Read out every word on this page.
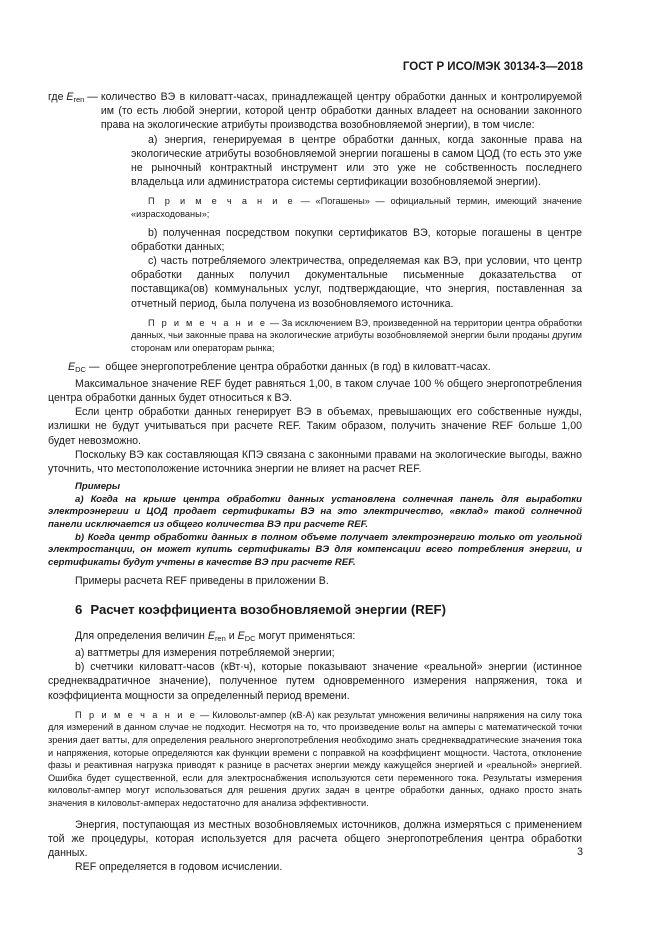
ГОСТ Р ИСО/МЭК 30134-3—2018
где Eren — количество ВЭ в киловатт-часах, принадлежащей центру обработки данных и контролируемой им (то есть любой энергии, которой центр обработки данных владеет на основании законного права на экологические атрибуты производства возобновляемой энергии), в том числе:

а) энергия, генерируемая в центре обработки данных, когда законные права на экологические атрибуты возобновляемой энергии погашены в самом ЦОД (то есть это уже не рыночный контрактный инструмент или это уже не собственность последнего владельца или администратора системы сертификации возобновляемой энергии).

П р и м е ч а н и е — «Погашены» — официальный термин, имеющий значение «израсходованы»;

b) полученная посредством покупки сертификатов ВЭ, которые погашены в центре обработки данных;

с) часть потребляемого электричества, определяемая как ВЭ, при условии, что центр обработки данных получил документальные письменные доказательства от поставщика(ов) коммунальных услуг, подтверждающие, что энергия, поставленная за отчетный период, была получена из возобновляемого источника.

П р и м е ч а н и е — За исключением ВЭ, произведенной на территории центра обработки данных, чьи законные права на экологические атрибуты возобновляемой энергии были проданы другим сторонам или операторам рынка;

EDC — общее энергопотребление центра обработки данных (в год) в киловатт-часах.

Максимальное значение REF будет равняться 1,00, в таком случае 100 % общего энергопотребления центра обработки данных будет относиться к ВЭ.

Если центр обработки данных генерирует ВЭ в объемах, превышающих его собственные нужды, излишки не будут учитываться при расчете REF. Таким образом, получить значение REF больше 1,00 будет невозможно.

Поскольку ВЭ как составляющая КПЭ связана с законными правами на экологические выгоды, важно уточнить, что местоположение источника энергии не влияет на расчет REF.

Примеры

а) Когда на крыше центра обработки данных установлена солнечная панель для выработки электроэнергии и ЦОД продает сертификаты ВЭ на это электричество, «вклад» такой солнечной панели исключается из общего количества ВЭ при расчете REF.

b) Когда центр обработки данных в полном объеме получает электроэнергию только от угольной электростанции, он может купить сертификаты ВЭ для компенсации всего потребления энергии, и сертификаты будут учтены в качестве ВЭ при расчете REF.

Примеры расчета REF приведены в приложении В.

6 Расчет коэффициента возобновляемой энергии (REF)

Для определения величин Eren и EDC могут применяться:

а) ваттметры для измерения потребляемой энергии;

b) счетчики киловатт-часов (кВт·ч), которые показывают значение «реальной» энергии (истинное среднеквадратичное значение), полученное путем одновременного измерения напряжения, тока и коэффициента мощности за определенный период времени.

П р и м е ч а н и е — Киловольт-ампер (кВ·А) как результат умножения величины напряжения на силу тока для измерений в данном случае не подходит. Несмотря на то, что произведение вольт на амперы с математической точки зрения дает ватты, для определения реального энергопотребления необходимо знать среднеквадратические значения тока и напряжения, которые определяются как функции времени с поправкой на коэффициент мощности. Частота, отклонение фазы и реактивная нагрузка приводят к разнице в расчетах энергии между кажущейся энергией и «реальной» энергией. Ошибка будет существенной, если для электроснабжения используются сети переменного тока. Результаты измерения киловольт-ампер могут использоваться для решения других задач в центре обработки данных, однако просто знать значения в киловольт-амперах недостаточно для анализа эффективности.

Энергия, поступающая из местных возобновляемых источников, должна измеряться с применением той же процедуры, которая используется для расчета общего энергопотребления центра обработки данных.

REF определяется в годовом исчислении.

3
